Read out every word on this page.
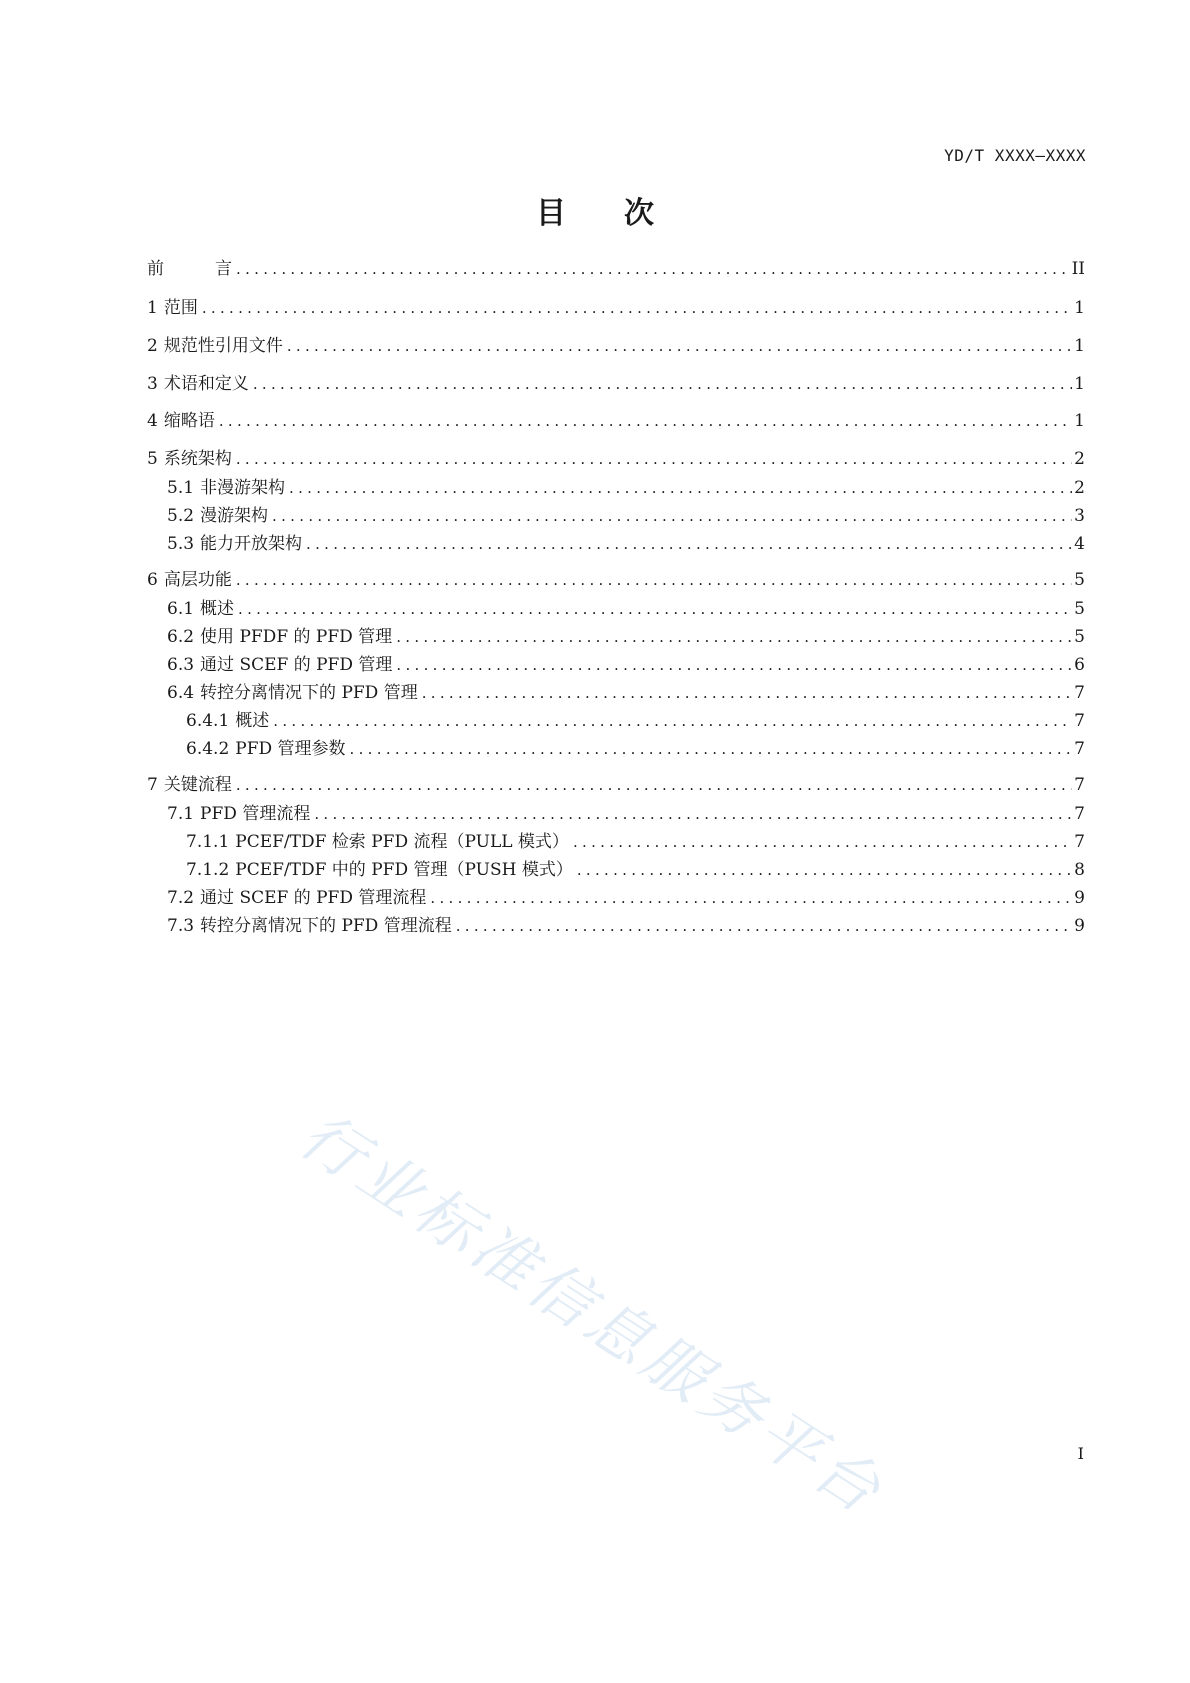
YD/T XXXX—XXXX
目次
前　　　言 .....	II
1 范围 .....	1
2 规范性引用文件 .....	1
3 术语和定义 .....	1
4 缩略语 .....	1
5 系统架构 .....	2
5.1 非漫游架构 .....	2
5.2 漫游架构 .....	3
5.3 能力开放架构 .....	4
6 高层功能 .....	5
6.1 概述 .....	5
6.2 使用 PFDF 的 PFD 管理 .....	5
6.3 通过 SCEF 的 PFD 管理 .....	6
6.4 转控分离情况下的 PFD 管理 .....	7
6.4.1 概述 .....	7
6.4.2 PFD 管理参数 .....	7
7 关键流程 .....	7
7.1 PFD 管理流程 .....	7
7.1.1 PCEF/TDF 检索 PFD 流程（PULL 模式） .....	7
7.1.2 PCEF/TDF 中的 PFD 管理（PUSH 模式） .....	8
7.2 通过 SCEF 的 PFD 管理流程 .....	9
7.3 转控分离情况下的 PFD 管理流程 .....	9
行业标准信息服务平台	I
